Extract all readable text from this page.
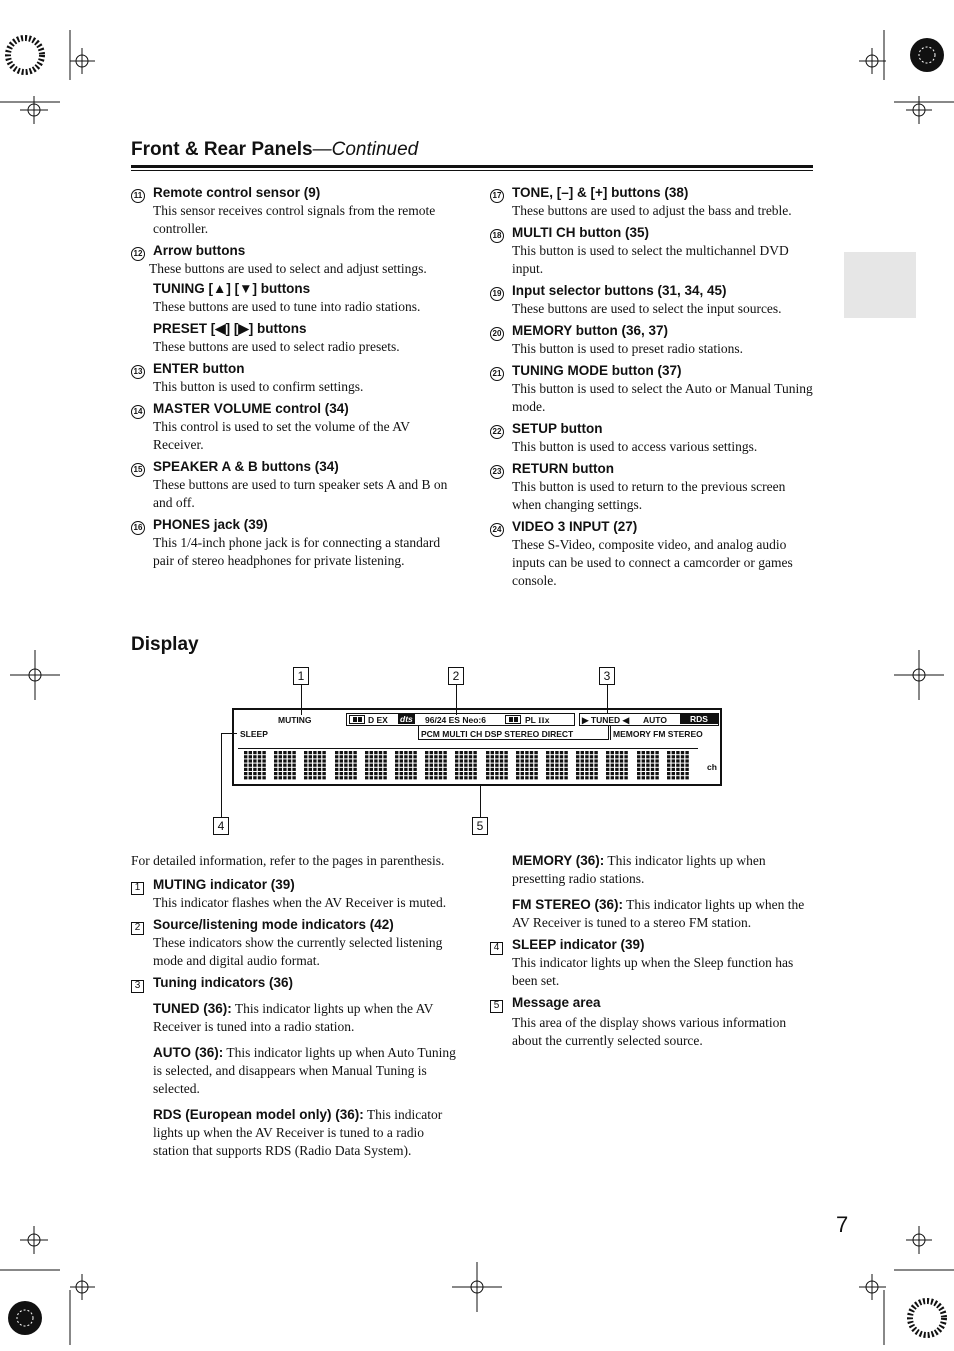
Front & Rear Panels—Continued
11 Remote control sensor (9)
This sensor receives control signals from the remote controller.
12 Arrow buttons
These buttons are used to select and adjust settings.
TUNING [▲] [▼] buttons
These buttons are used to tune into radio stations.
PRESET [◀] [▶] buttons
These buttons are used to select radio presets.
13 ENTER button
This button is used to confirm settings.
14 MASTER VOLUME control (34)
This control is used to set the volume of the AV Receiver.
15 SPEAKER A & B buttons (34)
These buttons are used to turn speaker sets A and B on and off.
16 PHONES jack (39)
This 1/4-inch phone jack is for connecting a standard pair of stereo headphones for private listening.
17 TONE, [–] & [+] buttons (38)
These buttons are used to adjust the bass and treble.
18 MULTI CH button (35)
This button is used to select the multichannel DVD input.
19 Input selector buttons (31, 34, 45)
These buttons are used to select the input sources.
20 MEMORY button (36, 37)
This button is used to preset radio stations.
21 TUNING MODE button (37)
This button is used to select the Auto or Manual Tuning mode.
22 SETUP button
This button is used to access various settings.
23 RETURN button
This button is used to return to the previous screen when changing settings.
24 VIDEO 3 INPUT (27)
These S-Video, composite video, and analog audio inputs can be used to connect a camcorder or games console.
Display
1	2	3
4	5
MUTING
SLEEP
D EX dts 96/24 ES Neo:6	PL IIx
PCM MULTI CH DSP STEREO DIRECT
▶ TUNED ◀ AUTO	RDS
MEMORY FM STEREO
ch
For detailed information, refer to the pages in parenthesis.
1 MUTING indicator (39)
This indicator flashes when the AV Receiver is muted.
2 Source/listening mode indicators (42)
These indicators show the currently selected listening mode and digital audio format.
3 Tuning indicators (36)
TUNED (36): This indicator lights up when the AV Receiver is tuned into a radio station.
AUTO (36): This indicator lights up when Auto Tuning is selected, and disappears when Manual Tuning is selected.
RDS (European model only) (36): This indicator lights up when the AV Receiver is tuned to a radio station that supports RDS (Radio Data System).
MEMORY (36): This indicator lights up when presetting radio stations.
FM STEREO (36): This indicator lights up when the AV Receiver is tuned to a stereo FM station.
4 SLEEP indicator (39)
This indicator lights up when the Sleep function has been set.
5 Message area
This area of the display shows various information about the currently selected source.
7
